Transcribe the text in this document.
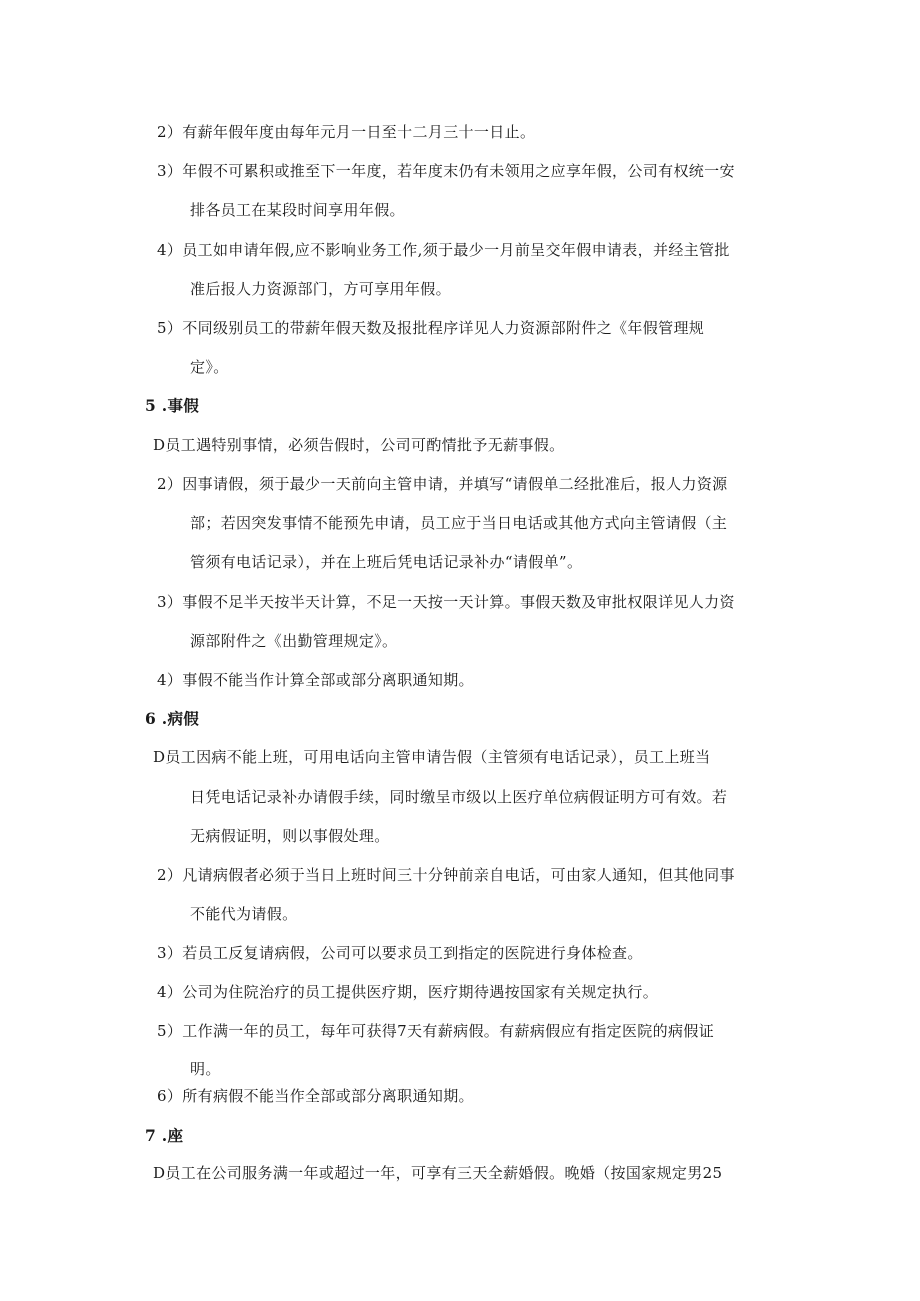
2）有薪年假年度由每年元月一日至十二月三十一日止。
3）年假不可累积或推至下一年度，若年度末仍有未领用之应享年假，公司有权统一安
排各员工在某段时间享用年假。
4）员工如申请年假,应不影响业务工作,须于最少一月前呈交年假申请表，并经主管批
准后报人力资源部门，方可享用年假。
5）不同级别员工的带薪年假天数及报批程序详见人力资源部附件之《年假管理规
定》。
5 .事假
D员工遇特别事情，必须告假时，公司可酌情批予无薪事假。
2）因事请假，须于最少一天前向主管申请，并填写“请假单二经批准后，报人力资源
部；若因突发事情不能预先申请，员工应于当日电话或其他方式向主管请假（主
管须有电话记录），并在上班后凭电话记录补办“请假单”。
3）事假不足半天按半天计算，不足一天按一天计算。事假天数及审批权限详见人力资
源部附件之《出勤管理规定》。
4）事假不能当作计算全部或部分离职通知期。
6 .病假
D员工因病不能上班，可用电话向主管申请告假（主管须有电话记录），员工上班当
日凭电话记录补办请假手续，同时缴呈市级以上医疗单位病假证明方可有效。若
无病假证明，则以事假处理。
2）凡请病假者必须于当日上班时间三十分钟前亲自电话，可由家人通知，但其他同事
不能代为请假。
3）若员工反复请病假，公司可以要求员工到指定的医院进行身体检查。
4）公司为住院治疗的员工提供医疗期，医疗期待遇按国家有关规定执行。
5）工作满一年的员工，每年可获得7天有薪病假。有薪病假应有指定医院的病假证
明。
6）所有病假不能当作全部或部分离职通知期。
7 .座
D员工在公司服务满一年或超过一年，可享有三天全薪婚假。晚婚（按国家规定男25
